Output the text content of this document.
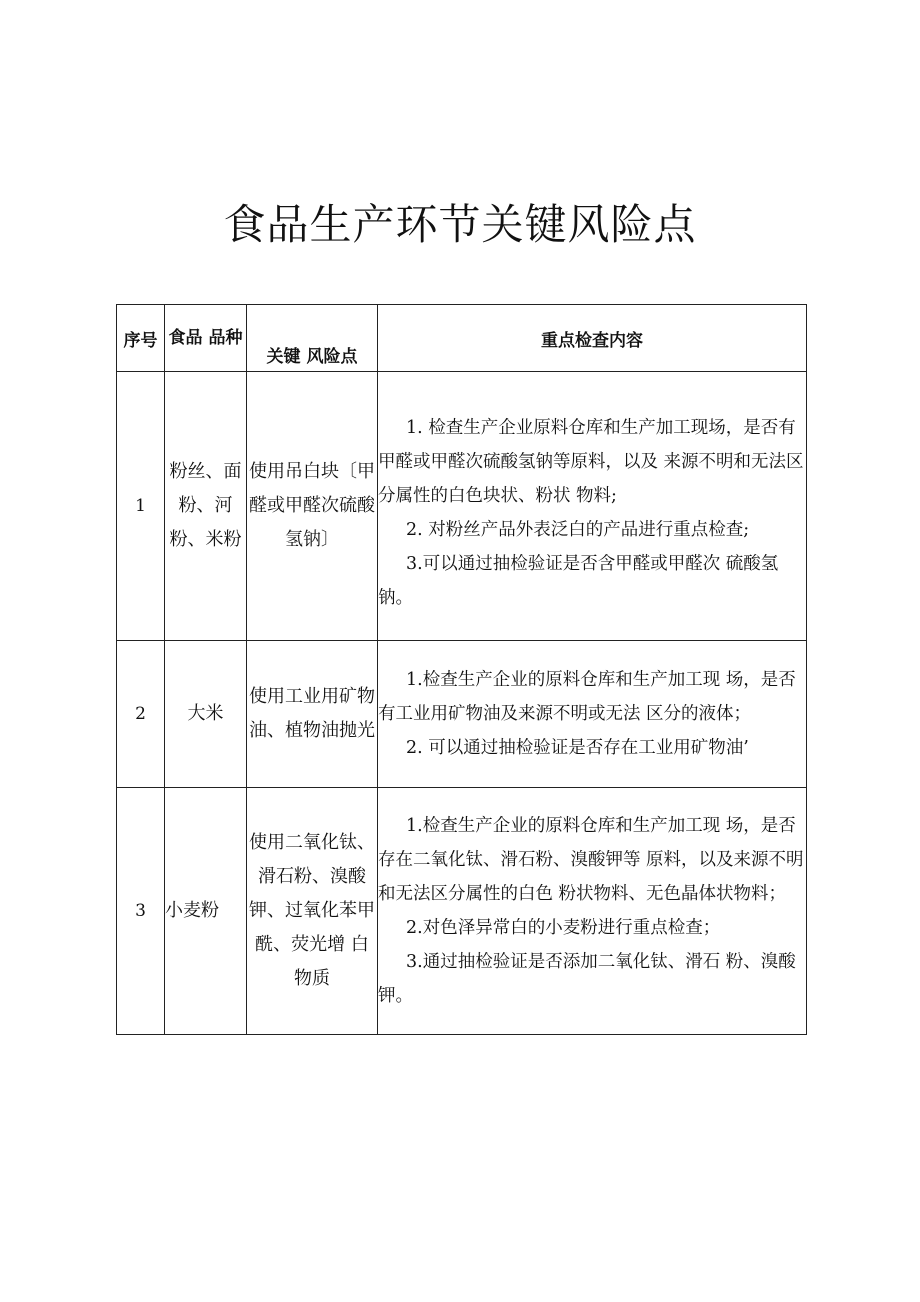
食品生产环节关键风险点
序号	食品 品种	关键 风险点	重点检查内容
1	粉丝、面粉、河粉、米粉	使用吊白块〔甲醛或甲醛次硫酸氢钠〕	1. 检查生产企业原料仓库和生产加工现场，是否有甲醛或甲醛次硫酸氢钠等原料，以及 来源不明和无法区分属性的白色块状、粉状 物料;
2. 对粉丝产品外表泛白的产品进行重点检查;
3.可以通过抽检验证是否含甲醛或甲醛次 硫酸氢钠。

2	大米	使用工业用矿物油、植物油抛光	1.检查生产企业的原料仓库和生产加工现 场，是否有工业用矿物油及来源不明或无法 区分的液体；
2. 可以通过抽检验证是否存在工业用矿物油’

3	小麦粉	使用二氧化钛、滑石粉、溴酸钾、过氧化苯甲 酰、荧光增 白物质	1.检查生产企业的原料仓库和生产加工现 场，是否存在二氧化钛、滑石粉、溴酸钾等 原料，以及来源不明和无法区分属性的白色 粉状物料、无色晶体状物料；
2.对色泽异常白的小麦粉进行重点检查；
3.通过抽检验证是否添加二氧化钛、滑石 粉、溴酸钾。
